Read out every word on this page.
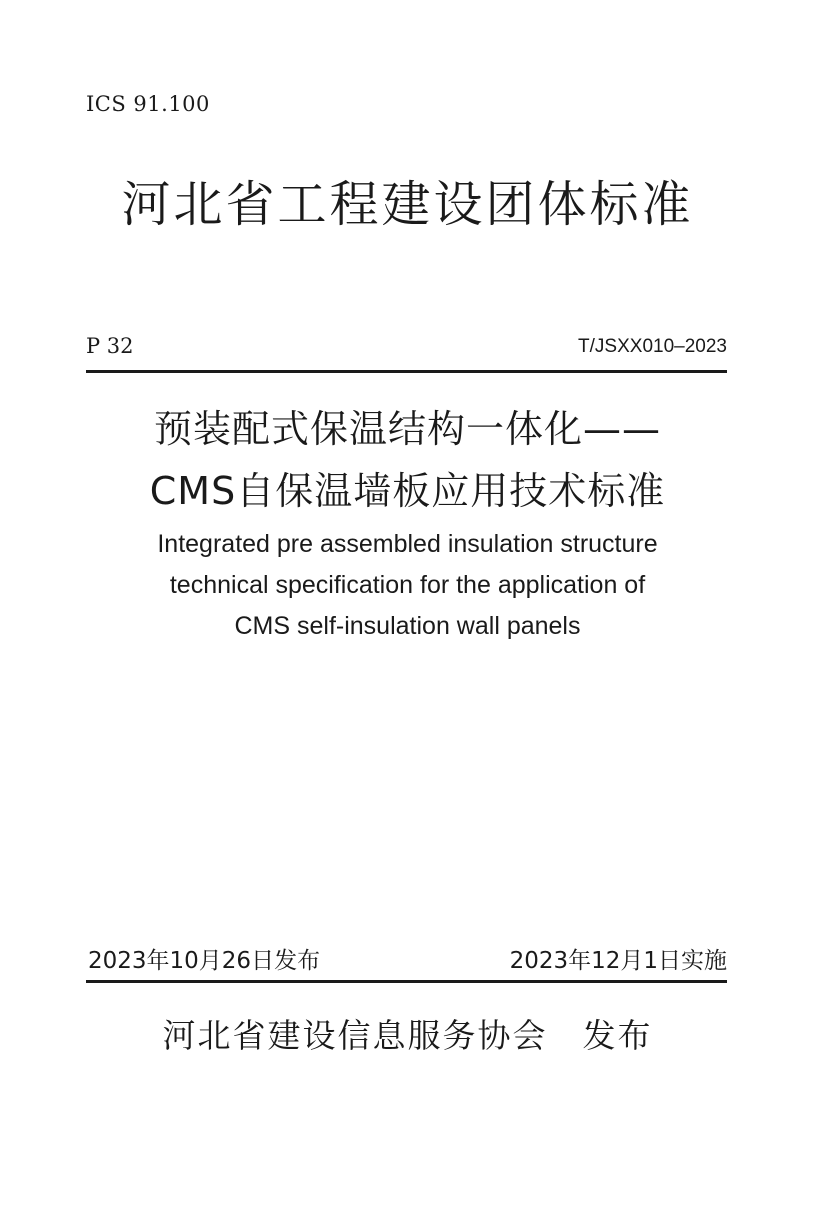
ICS 91.100
河北省工程建设团体标准
P 32	T/JSXX010–2023
预装配式保温结构一体化——
CMS自保温墙板应用技术标准
Integrated pre assembled insulation structure
technical specification for the application of
CMS self-insulation wall panels
2023年10月26日发布	2023年12月1日实施
河北省建设信息服务协会　发布
